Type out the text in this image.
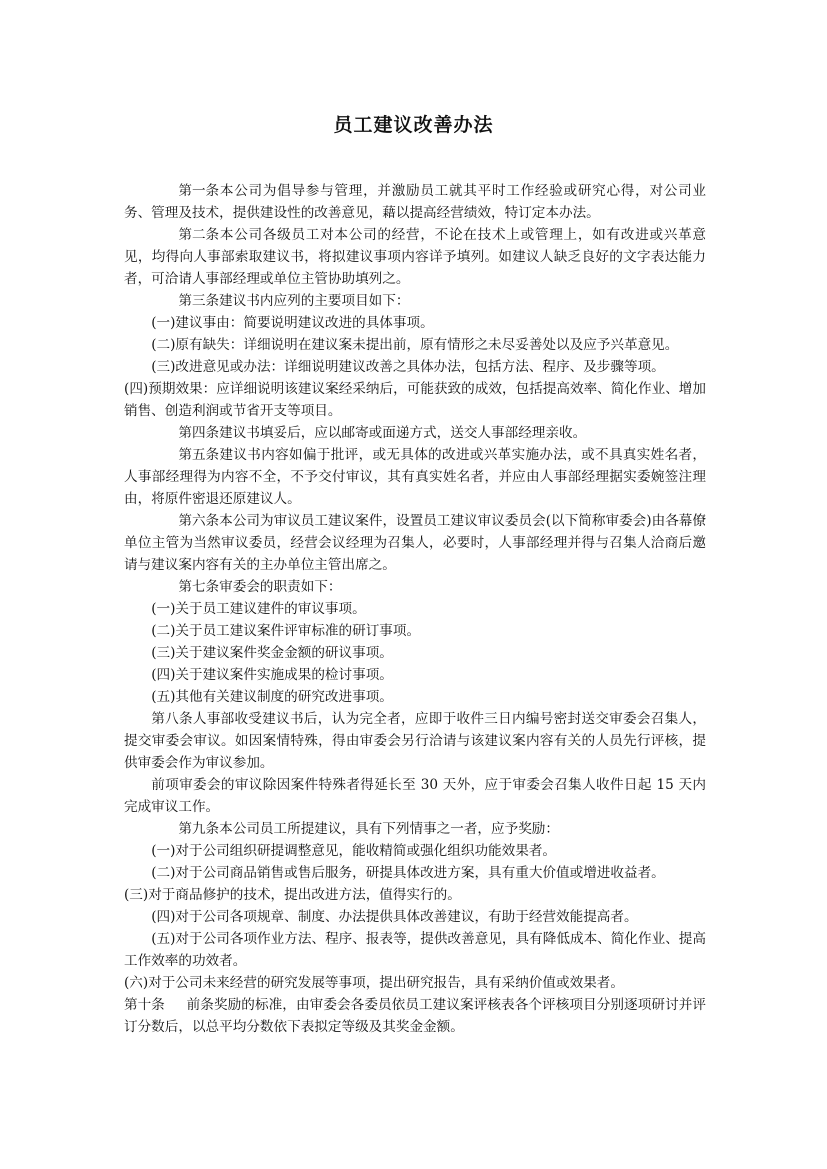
员工建议改善办法

第一条本公司为倡导参与管理，并激励员工就其平时工作经验或研究心得，对公司业务、管理及技术，提供建设性的改善意见，藉以提高经营绩效，特订定本办法。

第二条本公司各级员工对本公司的经营，不论在技术上或管理上，如有改进或兴革意见，均得向人事部索取建议书，将拟建议事项内容详予填列。如建议人缺乏良好的文字表达能力者，可洽请人事部经理或单位主管协助填列之。

第三条建议书内应列的主要项目如下：

(一)建议事由：简要说明建议改进的具体事项。

(二)原有缺失：详细说明在建议案未提出前，原有情形之未尽妥善处以及应予兴革意见。

(三)改进意见或办法：详细说明建议改善之具体办法，包括方法、程序、及步骤等项。

(四)预期效果：应详细说明该建议案经采纳后，可能获致的成效，包括提高效率、简化作业、增加销售、创造利润或节省开支等项目。

第四条建议书填妥后，应以邮寄或面递方式，送交人事部经理亲收。

第五条建议书内容如偏于批评，或无具体的改进或兴革实施办法，或不具真实姓名者，人事部经理得为内容不全，不予交付审议，其有真实姓名者，并应由人事部经理据实委婉签注理由，将原件密退还原建议人。

第六条本公司为审议员工建议案件，设置员工建议审议委员会(以下简称审委会)由各幕僚单位主管为当然审议委员，经营会议经理为召集人，必要时，人事部经理并得与召集人洽商后邀请与建议案内容有关的主办单位主管出席之。

第七条审委会的职责如下：

(一)关于员工建议建件的审议事项。

(二)关于员工建议案件评审标准的研订事项。

(三)关于建议案件奖金金额的研议事项。

(四)关于建议案件实施成果的检讨事项。

(五)其他有关建议制度的研究改进事项。

第八条人事部收受建议书后，认为完全者，应即于收件三日内编号密封送交审委会召集人，提交审委会审议。如因案情特殊，得由审委会另行洽请与该建议案内容有关的人员先行评核，提供审委会作为审议参加。

前项审委会的审议除因案件特殊者得延长至 30 天外，应于审委会召集人收件日起 15 天内完成审议工作。

第九条本公司员工所提建议，具有下列情事之一者，应予奖励：

(一)对于公司组织研提调整意见，能收精简或强化组织功能效果者。

(二)对于公司商品销售或售后服务，研提具体改进方案，具有重大价值或增进收益者。

(三)对于商品修护的技术，提出改进方法，值得实行的。

(四)对于公司各项规章、制度、办法提供具体改善建议，有助于经营效能提高者。

(五)对于公司各项作业方法、程序、报表等，提供改善意见，具有降低成本、简化作业、提高工作效率的功效者。

(六)对于公司未来经营的研究发展等事项，提出研究报告，具有采纳价值或效果者。

第十条 前条奖励的标准，由审委会各委员依员工建议案评核表各个评核项目分别逐项研讨并评订分数后，以总平均分数依下表拟定等级及其奖金金额。
